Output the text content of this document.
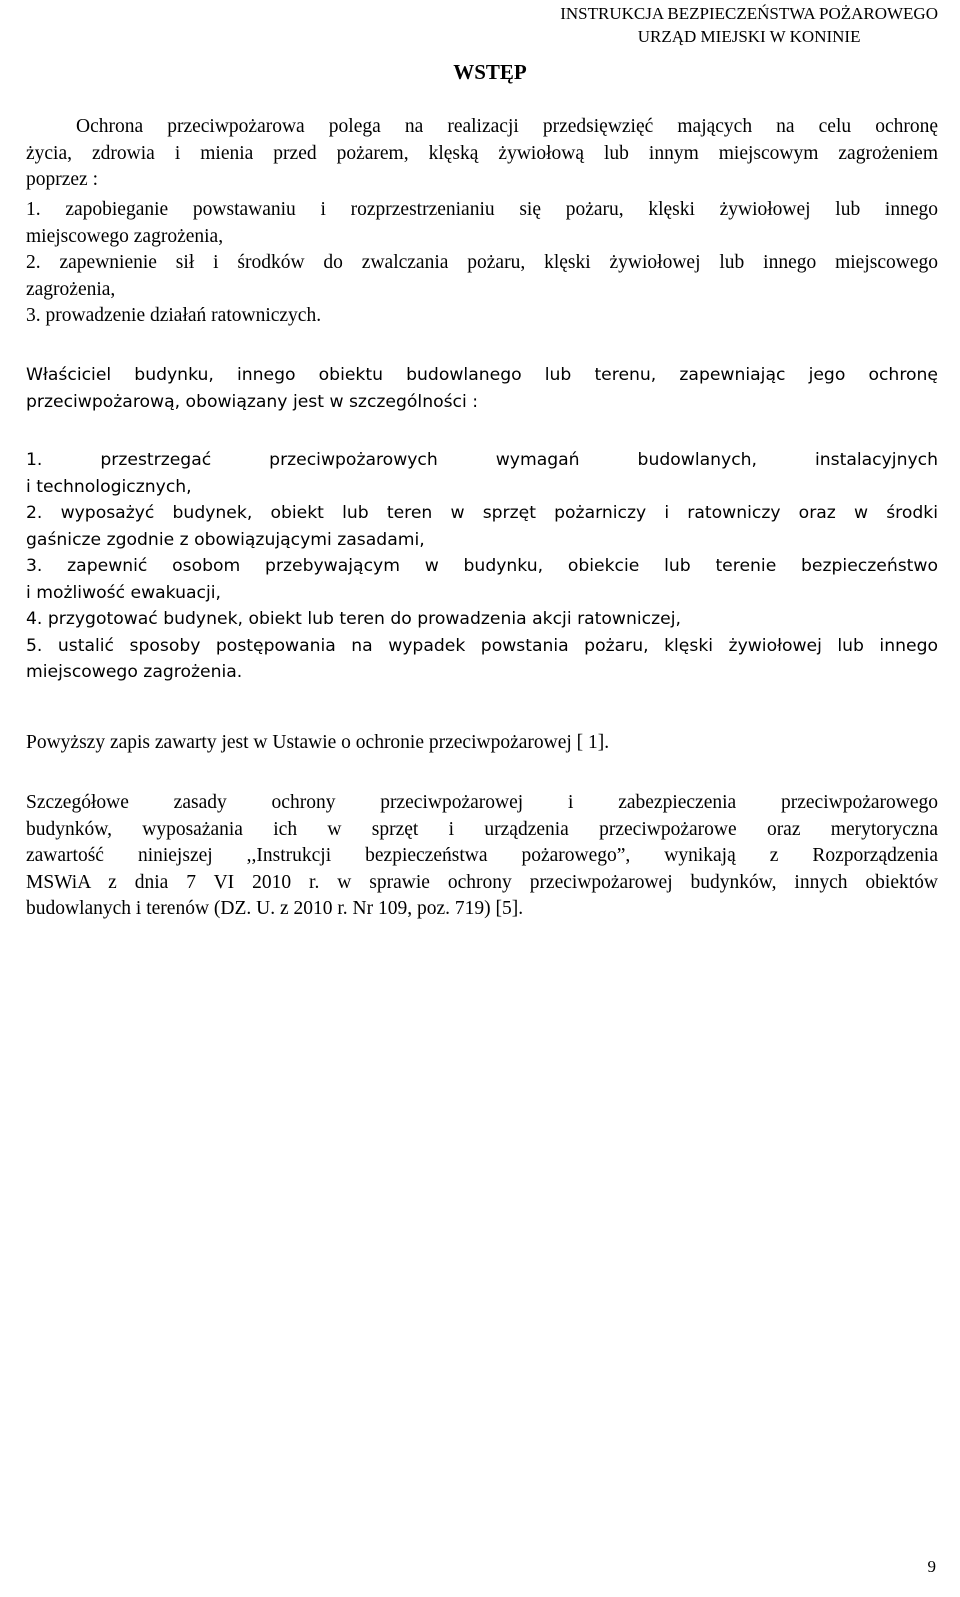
INSTRUKCJA BEZPIECZEŃSTWA POŻAROWEGO
URZĄD MIEJSKI W KONINIE
WSTĘP
Ochrona przeciwpożarowa polega na realizacji przedsięwzięć mających na celu ochronę
życia, zdrowia i mienia przed pożarem, klęską żywiołową lub innym miejscowym zagrożeniem
poprzez :
1. zapobieganie powstawaniu i rozprzestrzenianiu się pożaru, klęski żywiołowej lub innego
miejscowego zagrożenia,
2. zapewnienie sił i środków do zwalczania pożaru, klęski żywiołowej lub innego miejscowego
zagrożenia,
3. prowadzenie działań ratowniczych.
Właściciel budynku, innego obiektu budowlanego lub terenu, zapewniając jego ochronę
przeciwpożarową, obowiązany jest w szczególności :
1. przestrzegać przeciwpożarowych wymagań budowlanych, instalacyjnych
i technologicznych,
2. wyposażyć budynek, obiekt lub teren w sprzęt pożarniczy i ratowniczy oraz w środki
gaśnicze zgodnie z obowiązującymi zasadami,
3. zapewnić osobom przebywającym w budynku, obiekcie lub terenie bezpieczeństwo
i możliwość ewakuacji,
4. przygotować budynek, obiekt lub teren do prowadzenia akcji ratowniczej,
5. ustalić sposoby postępowania na wypadek powstania pożaru, klęski żywiołowej lub innego
miejscowego zagrożenia.
Powyższy zapis zawarty jest w Ustawie o ochronie przeciwpożarowej [ 1].
Szczegółowe zasady ochrony przeciwpożarowej i zabezpieczenia przeciwpożarowego
budynków, wyposażania ich w sprzęt i urządzenia przeciwpożarowe oraz merytoryczna
zawartość niniejszej ,,Instrukcji bezpieczeństwa pożarowego”, wynikają z Rozporządzenia
MSWiA z dnia 7 VI 2010 r. w sprawie ochrony przeciwpożarowej budynków, innych obiektów
budowlanych i terenów (DZ. U. z 2010 r. Nr 109, poz. 719) [5].
9
